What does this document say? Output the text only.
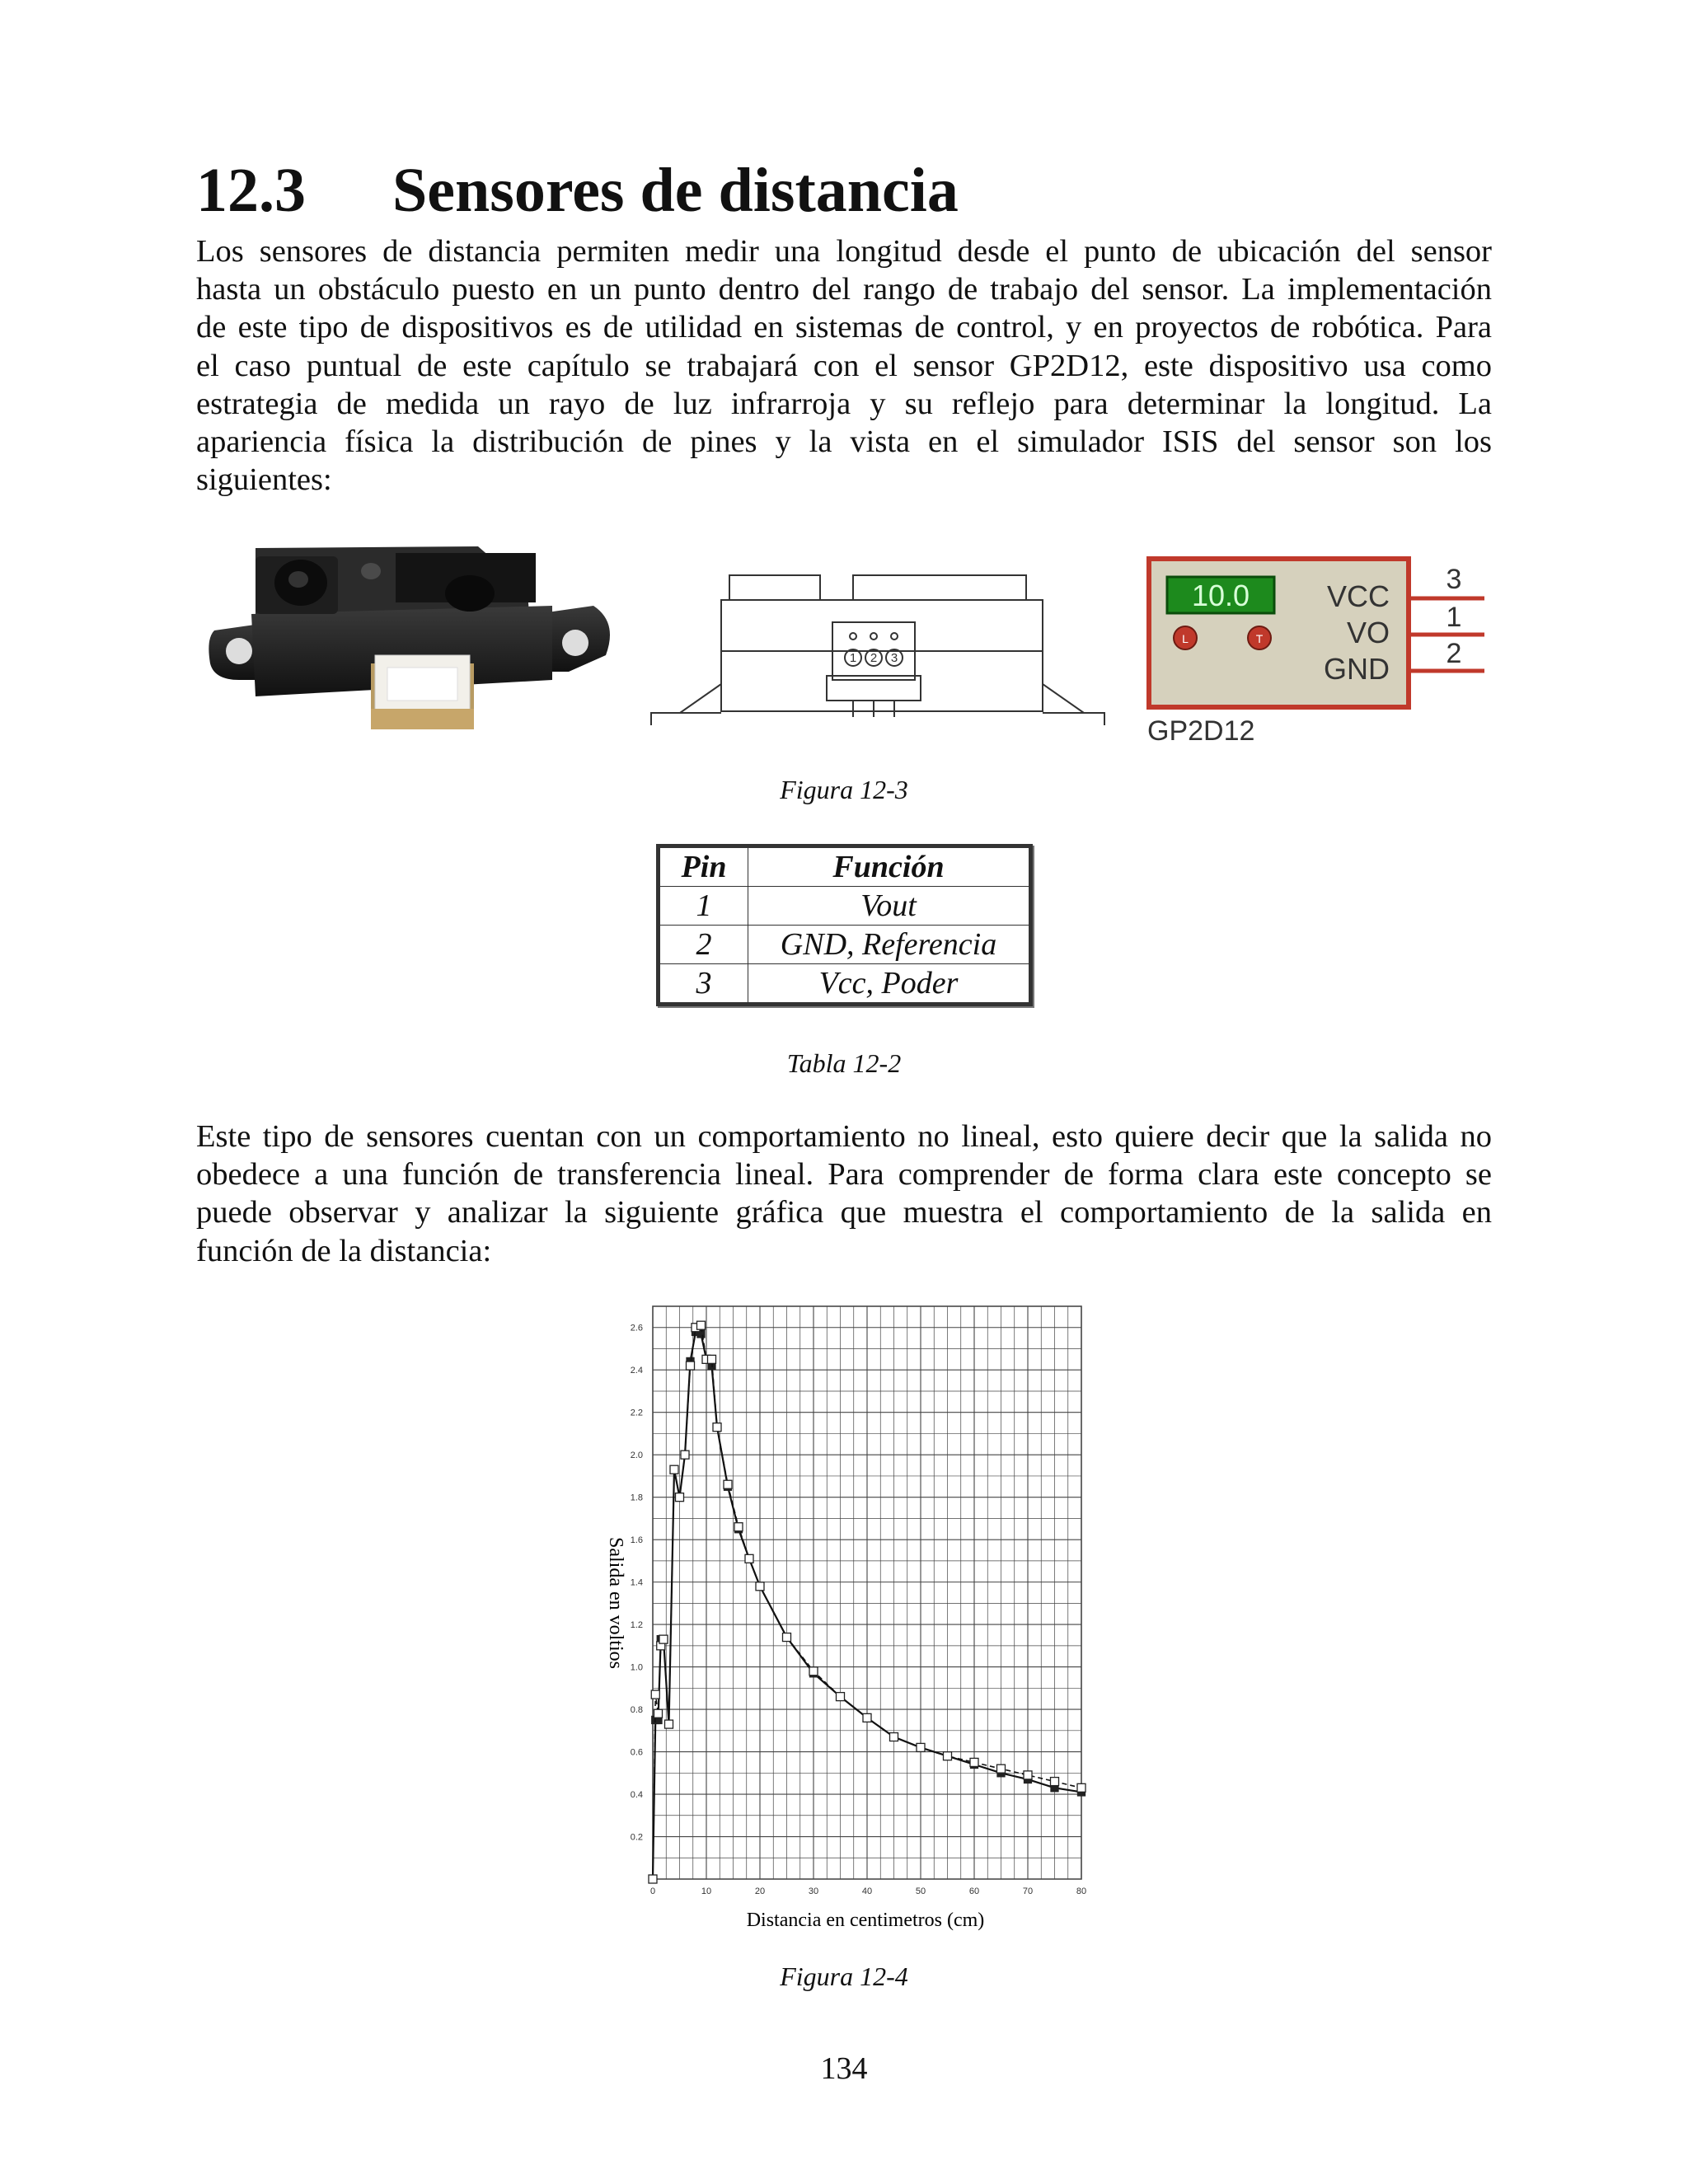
12.3 Sensores de distancia
Los sensores de distancia permiten medir una longitud desde el punto de ubicación del sensor
hasta un obstáculo puesto en un punto dentro del rango de trabajo del sensor. La implementación
de este tipo de dispositivos es de utilidad en sistemas de control, y en proyectos de robótica. Para
el caso puntual de este capítulo se trabajará con el sensor GP2D12, este dispositivo usa como
estrategia de medida un rayo de luz infrarroja y su reflejo para determinar la longitud. La
apariencia física la distribución de pines y la vista en el simulador ISIS del sensor son los
siguientes:
1 2 3
10.0
L	T
VCC
VO
GND
3
1
2
GP2D12
Figura 12-3
Pin	Función
1	Vout
2	GND, Referencia
3	Vcc, Poder
Tabla 12-2
Este tipo de sensores cuentan con un comportamiento no lineal, esto quiere decir que la salida no
obedece a una función de transferencia lineal. Para comprender de forma clara este concepto se
puede observar y analizar la siguiente gráfica que muestra el comportamiento de la salida en
función de la distancia:
0	10	20	30	40	50	60	70	80
0.2
0.4
0.6
0.8
1.0
1.2
1.4
1.6
1.8
2.0
2.2
2.4
2.6
Distancia en centimetros (cm)
Salida en voltios
Figura 12-4
134
